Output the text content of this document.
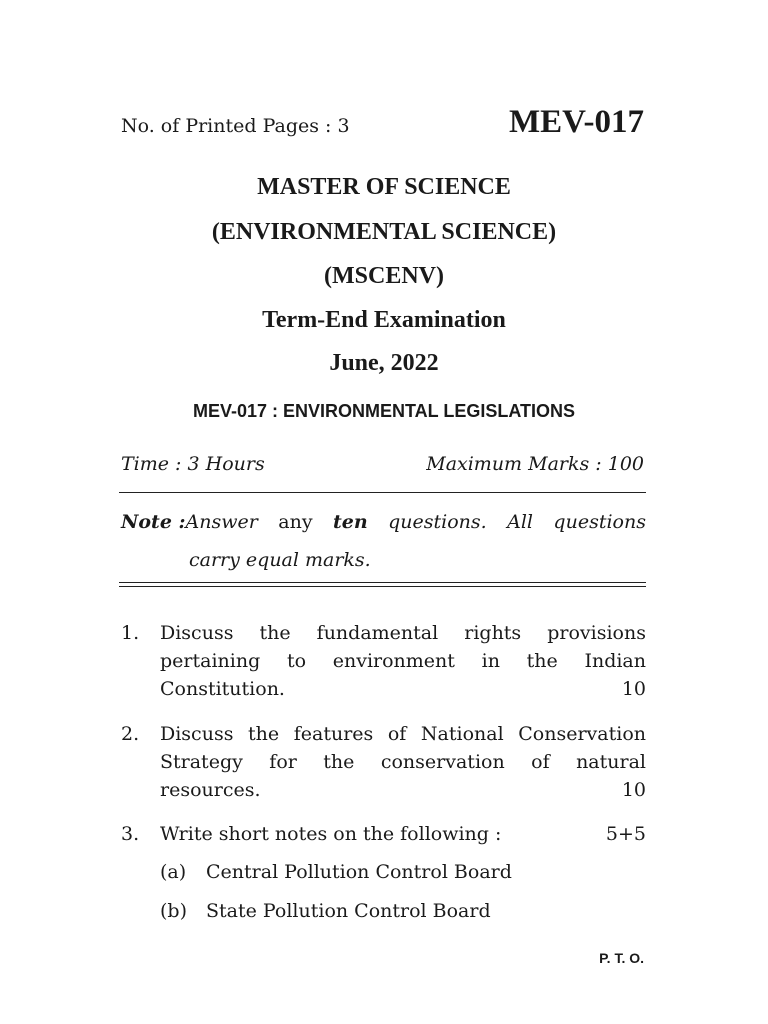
No. of Printed Pages : 3	MEV-017
MASTER OF SCIENCE
(ENVIRONMENTAL SCIENCE)
(MSCENV)
Term-End Examination
June, 2022
MEV-017 : ENVIRONMENTAL LEGISLATIONS
Time : 3 Hours	Maximum Marks : 100
Note :Answer any ten questions. All questions
carry equal marks.
1. Discuss the fundamental rights provisions
pertaining to environment in the Indian
Constitution.	10
2. Discuss the features of National Conservation
Strategy for the conservation of natural
resources.	10
3. Write short notes on the following :	5+5
(a) Central Pollution Control Board
(b) State Pollution Control Board
P. T. O.
